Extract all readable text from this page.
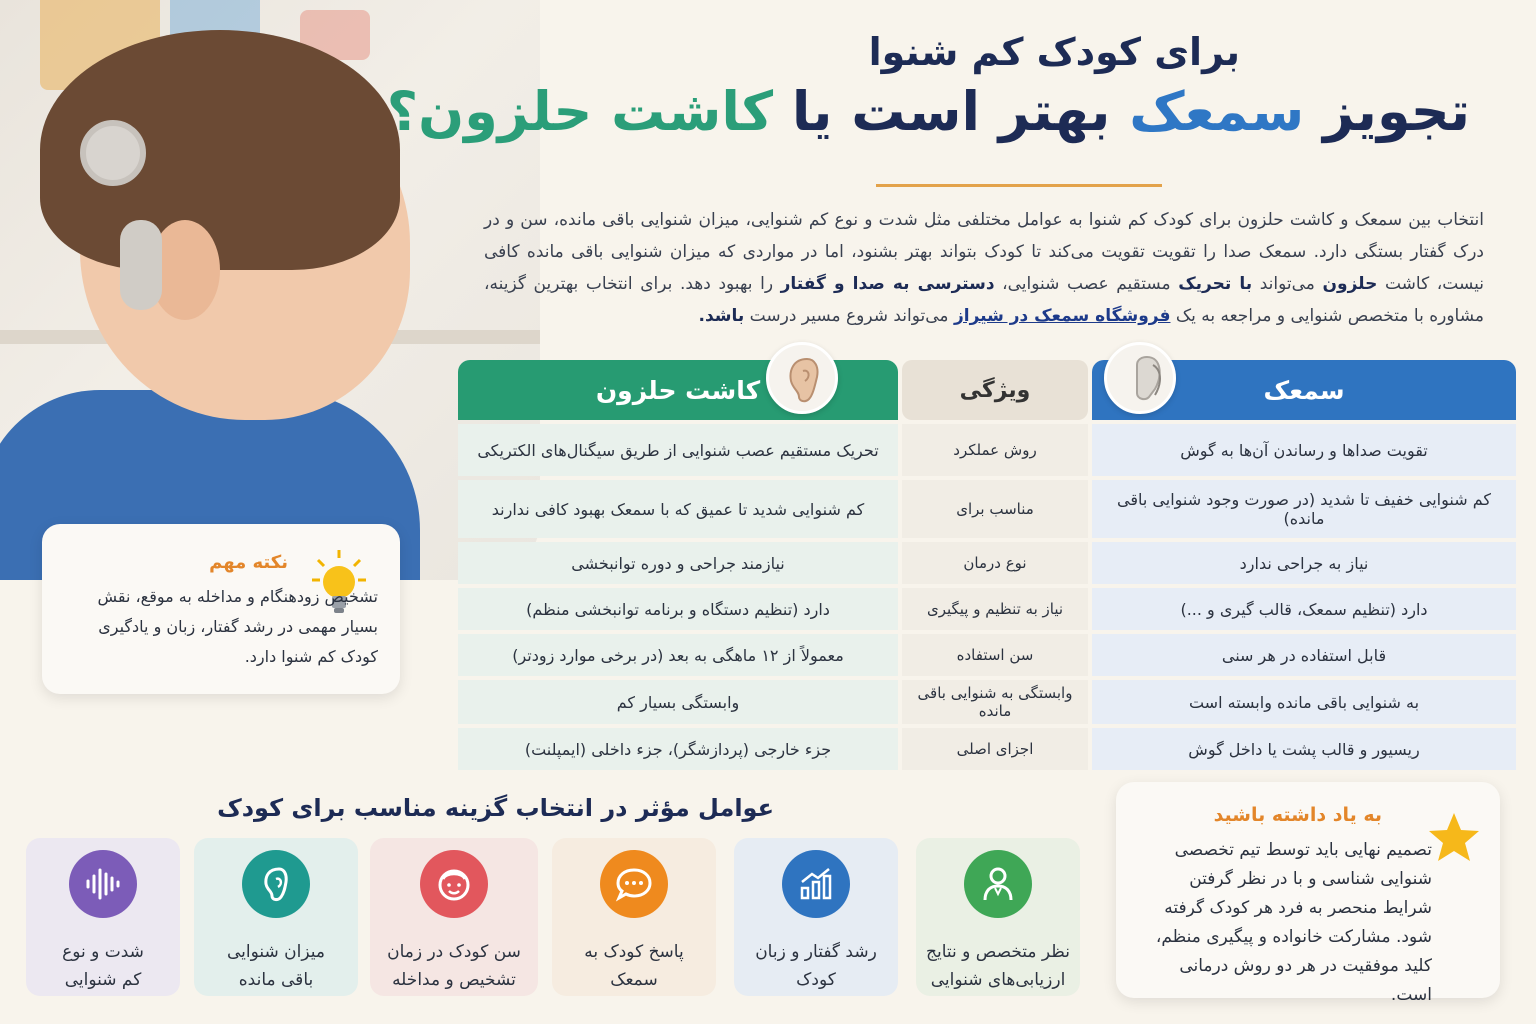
برای کودک کم شنوا
تجویز سمعک بهتر است یا کاشت حلزون؟

انتخاب بین سمعک و کاشت حلزون برای کودک کم شنوا به عوامل مختلفی مثل شدت و نوع کم شنوایی، میزان شنوایی باقی مانده، سن و در درک گفتار بستگی دارد. سمعک صدا را تقویت تقویت می‌کند تا کودک بتواند بهتر بشنود، اما در مواردی که میزان شنوایی باقی مانده کافی نیست، کاشت حلزون می‌تواند با تحریک مستقیم عصب شنوایی، دسترسی به صدا و گفتار را بهبود دهد. برای انتخاب بهترین گزینه، مشاوره با متخصص شنوایی و مراجعه به یک فروشگاه سمعک در شیراز می‌تواند شروع مسیر درست باشد.

سمعک	ویژگی	کاشت حلزون

تقویت صداها و رساندن آن‌ها به گوش	روش عملکرد	تحریک مستقیم عصب شنوایی از طریق سیگنال‌های الکتریکی
کم شنوایی خفیف تا شدید (در صورت وجود شنوایی باقی مانده)	مناسب برای	کم شنوایی شدید تا عمیق که با سمعک بهبود کافی ندارند
نیاز به جراحی ندارد	نوع درمان	نیازمند جراحی و دوره توانبخشی
دارد (تنظیم سمعک، قالب گیری و ...)	نیاز به تنظیم و پیگیری	دارد (تنظیم دستگاه و برنامه توانبخشی منظم)
قابل استفاده در هر سنی	سن استفاده	معمولاً از ۱۲ ماهگی به بعد (در برخی موارد زودتر)
به شنوایی باقی مانده وابسته است	وابستگی به شنوایی باقی مانده	وابستگی بسیار کم
ریسیور و قالب پشت یا داخل گوش	اجزای اصلی	جزء خارجی (پردازشگر)، جزء داخلی (ایمپلنت)
نکته مهم
تشخیص زودهنگام و مداخله به موقع، نقش بسیار مهمی در رشد گفتار، زبان و یادگیری کودک کم شنوا دارد.
عوامل مؤثر در انتخاب گزینه مناسب برای کودک
نظر متخصص و نتایج
ارزیابی‌های شنوایی
رشد گفتار و زبان
کودک
پاسخ کودک به
سمعک
سن کودک در زمان
تشخیص و مداخله
میزان شنوایی
باقی مانده
شدت و نوع
کم شنوایی
به یاد داشته باشید
تصمیم نهایی باید توسط تیم تخصصی شنوایی شناسی و با در نظر گرفتن شرایط منحصر به فرد هر کودک گرفته شود. مشارکت خانواده و پیگیری منظم، کلید موفقیت در هر دو روش درمانی است.
